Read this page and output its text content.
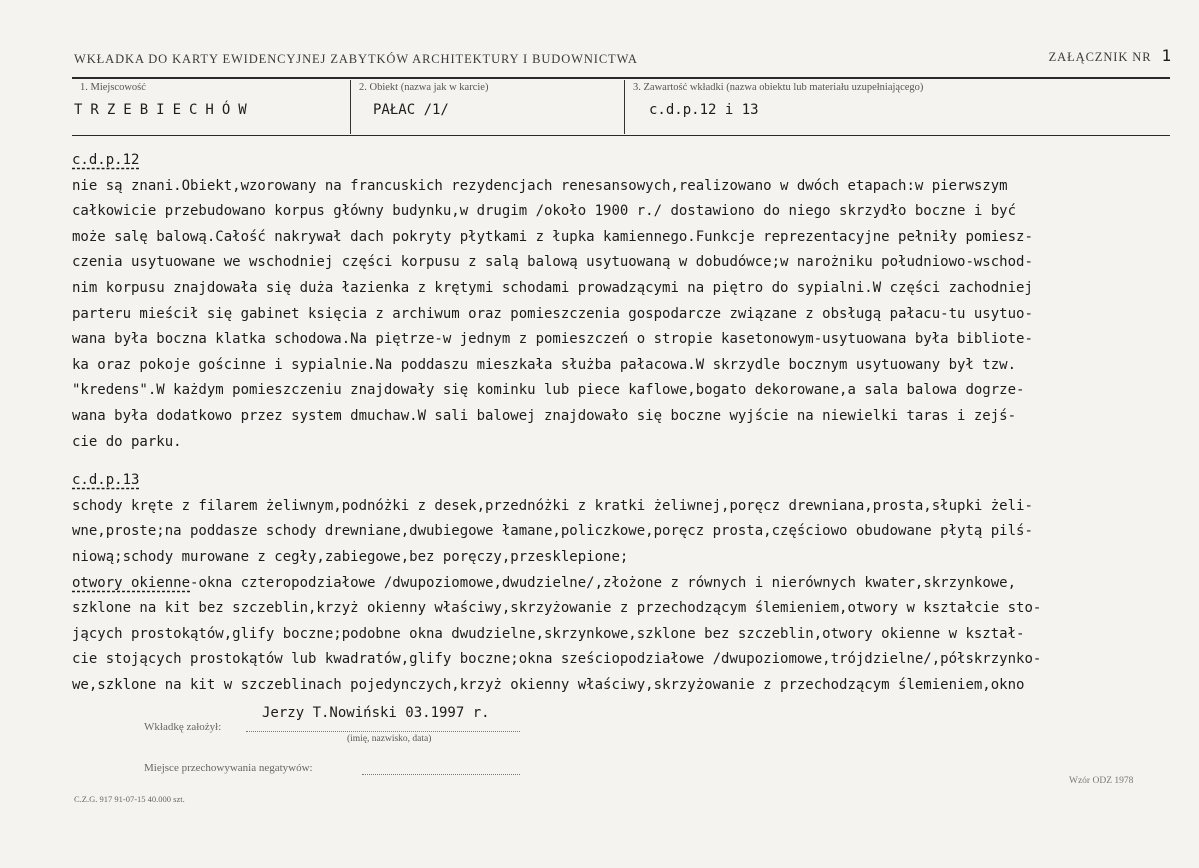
WKŁADKA DO KARTY EWIDENCYJNEJ ZABYTKÓW ARCHITEKTURY I BUDOWNICTWA	ZAŁĄCZNIK NR 1
1. Miejscowość
TRZEBIECHÓW
2. Obiekt (nazwa jak w karcie)
PAŁAC /1/
3. Zawartość wkładki (nazwa obiektu lub materiału uzupełniającego)
c.d.p.12 i 13
c.d.p.12
nie są znani.Obiekt,wzorowany na francuskich rezydencjach renesansowych,realizowano w dwóch etapach:w pierwszym
całkowicie przebudowano korpus główny budynku,w drugim /około 1900 r./ dostawiono do niego skrzydło boczne i być
może salę balową.Całość nakrywał dach pokryty płytkami z łupka kamiennego.Funkcje reprezentacyjne pełniły pomiesz-
czenia usytuowane we wschodniej części korpusu z salą balową usytuowaną w dobudówce;w narożniku południowo-wschod-
nim korpusu znajdowała się duża łazienka z krętymi schodami prowadzącymi na piętro do sypialni.W części zachodniej
parteru mieścił się gabinet księcia z archiwum oraz pomieszczenia gospodarcze związane z obsługą pałacu-tu usytuo-
wana była boczna klatka schodowa.Na piętrze-w jednym z pomieszczeń o stropie kasetonowym-usytuowana była bibliote-
ka oraz pokoje gościnne i sypialnie.Na poddaszu mieszkała służba pałacowa.W skrzydle bocznym usytuowany był tzw.
"kredens".W każdym pomieszczeniu znajdowały się kominku lub piece kaflowe,bogato dekorowane,a sala balowa dogrze-
wana była dodatkowo przez system dmuchaw.W sali balowej znajdowało się boczne wyjście na niewielki taras i zejś-
cie do parku.
c.d.p.13
schody kręte z filarem żeliwnym,podnóżki z desek,przednóżki z kratki żeliwnej,poręcz drewniana,prosta,słupki żeli-
wne,proste;na poddasze schody drewniane,dwubiegowe łamane,policzkowe,poręcz prosta,częściowo obudowane płytą pilś-
niową;schody murowane z cegły,zabiegowe,bez poręczy,przesklepione;
otwory okienne-okna czteropodziałowe /dwupoziomowe,dwudzielne/,złożone z równych i nierównych kwater,skrzynkowe,
szklone na kit bez szczeblin,krzyż okienny właściwy,skrzyżowanie z przechodzącym ślemieniem,otwory w kształcie sto-
jących prostokątów,glify boczne;podobne okna dwudzielne,skrzynkowe,szklone bez szczeblin,otwory okienne w kształ-
cie stojących prostokątów lub kwadratów,glify boczne;okna sześciopodziałowe /dwupoziomowe,trójdzielne/,półskrzynko-
we,szklone na kit w szczeblinach pojedynczych,krzyż okienny właściwy,skrzyżowanie z przechodzącym ślemieniem,okno
Wkładkę założył:
Jerzy T.Nowiński 03.1997 r.
(imię, nazwisko, data)
Miejsce przechowywania negatywów:
Wzór ODZ 1978
C.Z.G. 917 91-07-15 40.000 szt.
